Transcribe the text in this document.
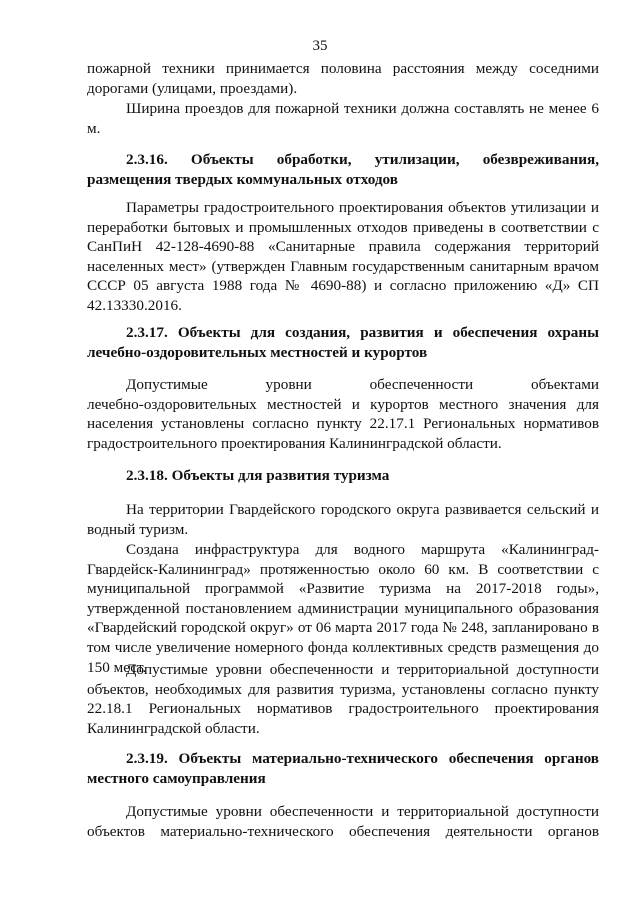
35
пожарной техники принимается половина расстояния между соседними
дорогами (улицами, проездами).

Ширина проездов для пожарной техники должна составлять не менее 6 м.

2.3.16. Объекты обработки, утилизации, обезвреживания,
размещения твердых коммунальных отходов

Параметры градостроительного проектирования объектов утилизации и переработки бытовых и промышленных отходов приведены в соответствии с СанПиН 42-128-4690-88 «Санитарные правила содержания территорий населенных мест» (утвержден Главным государственным санитарным врачом СССР 05 августа 1988 года № 4690-88) и согласно приложению «Д» СП 42.13330.2016.

2.3.17. Объекты для создания, развития и обеспечения охраны
лечебно-оздоровительных местностей и курортов
Допустимые уровни обеспеченности объектами
лечебно-оздоровительных местностей и курортов местного значения для населения установлены согласно пункту 22.17.1 Региональных нормативов градостроительного проектирования Калининградской области.
2.3.18. Объекты для развития туризма

На территории Гвардейского городского округа развивается сельский и водный туризм.

Создана инфраструктура для водного маршрута «Калининград-Гвардейск-Калининград» протяженностью около 60 км. В соответствии с муниципальной программой «Развитие туризма на 2017-2018 годы», утвержденной постановлением администрации муниципального образования «Гвардейский городской округ» от 06 марта 2017 года № 248, запланировано в том числе увеличение номерного фонда коллективных средств размещения до 150 мест.

Допустимые уровни обеспеченности и территориальной доступности объектов, необходимых для развития туризма, установлены согласно пункту 22.18.1 Региональных нормативов градостроительного проектирования Калининградской области.

2.3.19. Объекты материально-технического обеспечения органов
местного самоуправления
Допустимые уровни обеспеченности и территориальной доступности
объектов материально-технического обеспечения деятельности органов
